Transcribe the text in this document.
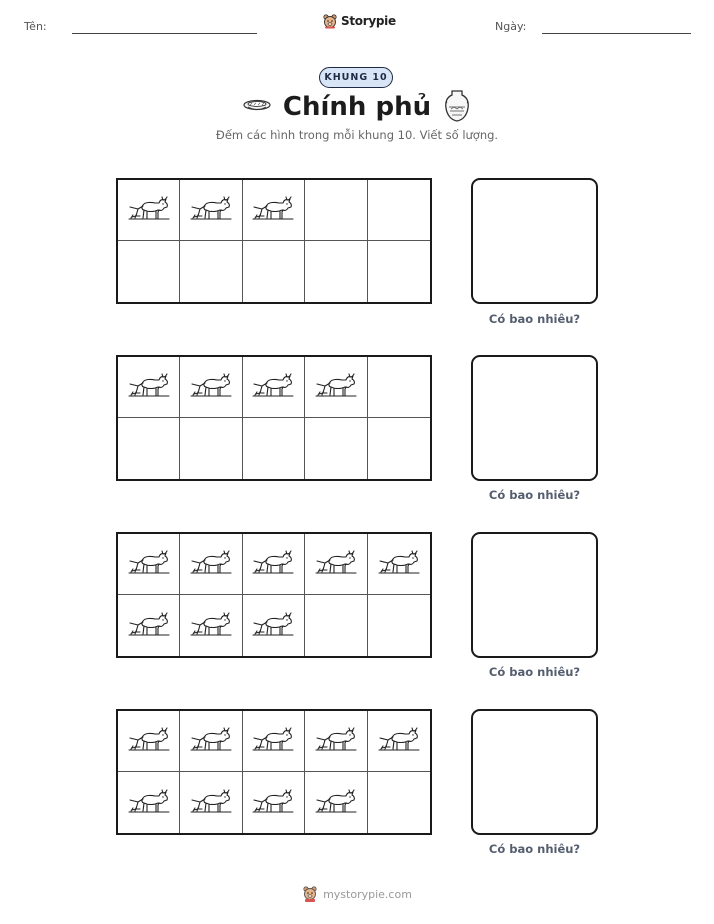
Tên:	Storypie	Ngày:
KHUNG 10
Chính phủ
Đếm các hình trong mỗi khung 10. Viết số lượng.
Có bao nhiêu?
Có bao nhiêu?
Có bao nhiêu?
Có bao nhiêu?
mystorypie.com
